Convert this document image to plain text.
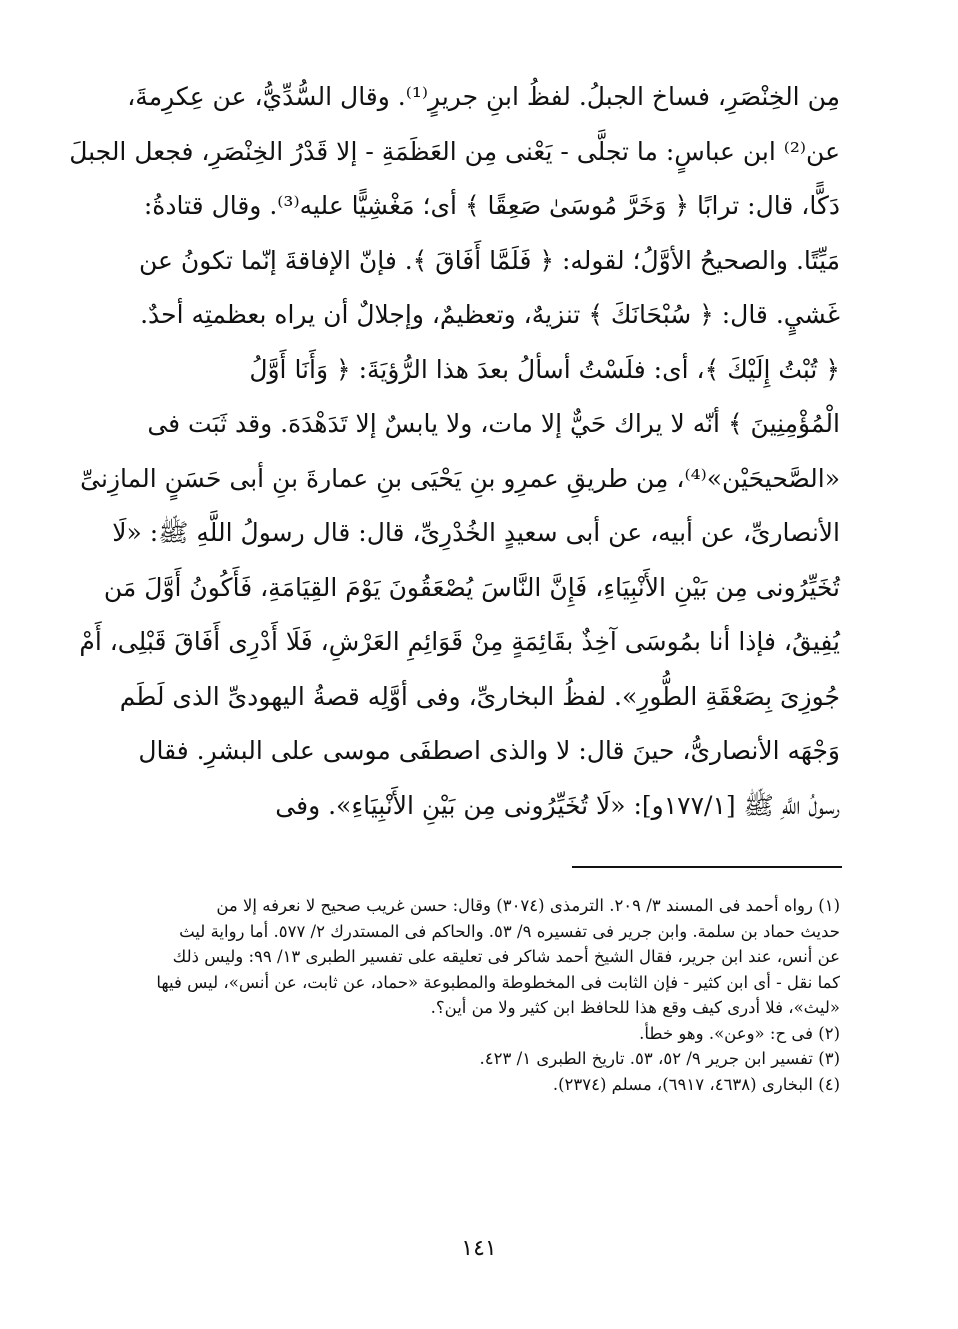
مِن الخِنْصَرِ، فساخ الجبلُ. لفظُ ابنِ جريرٍ⁽¹⁾. وقال السُّدِّيُّ، عن عِكرِمةَ،
عن⁽²⁾ ابن عباسٍ: ما تجلَّى - يَعْنى مِن العَظَمَةِ - إلا قَدْرُ الخِنْصَرِ، فجعل الجبلَ
دَكًّا، قال: ترابًا ﴿ وَخَرَّ مُوسَىٰ صَعِقًا ﴾ أى؛ مَغْشِيًّا عليه⁽³⁾. وقال قتادةُ:
مَيِّتًا. والصحيحُ الأوَّلُ؛ لقوله: ﴿ فَلَمَّا أَفَاقَ ﴾. فإنّ الإفاقةَ إنّما تكونُ عن
غَشيٍ. قال: ﴿ سُبْحَانَكَ ﴾ تنزيهٌ، وتعظيمٌ، وإجلالٌ أن يراه بعظمتِه أحدٌ.
﴿ تُبْتُ إِلَيْكَ ﴾، أى: فلَسْتُ أسألُ بعدَ هذا الرُّؤيَةَ: ﴿ وَأَنَا أَوَّلُ
الْمُؤْمِنِينَ ﴾ أنّه لا يراك حَيٌّ إلا مات، ولا يابسٌ إلا تَدَهْدَهَ. وقد ثَبَت فى
«الصَّحيحَيْن»⁽⁴⁾، مِن طريقِ عمرِو بنِ يَحْيَى بنِ عمارةَ بنِ أبى حَسَنٍ المازِنىِّ
الأنصارىِّ، عن أبيه، عن أبى سعيدٍ الخُدْرِىِّ، قال: قال رسولُ اللَّهِ ﷺ: «لَا
تُخَيِّرُونى مِن بَيْنِ الأَنْبِيَاءِ، فَإِنَّ النَّاسَ يُصْعَقُونَ يَوْمَ القِيَامَةِ، فَأَكُونُ أَوَّلَ مَن
يُفِيقُ، فإذا أنا بمُوسَى آخِذٌ بقَائِمَةٍ مِنْ قَوَائِمِ العَرْشِ، فَلَا أَدْرِى أَفَاقَ قَبْلِى، أَمْ
جُوزِىَ بِصَعْقَةِ الطُّورِ». لفظُ البخارىِّ، وفى أوَّلِه قصةُ اليهودىِّ الذى لَطَم
وَجْهَه الأنصارىُّ، حينَ قال: لا والذى اصطفَى موسى على البشرِ. فقال
رسولُ اللَّهِ ﷺ [١٧٧/١و]: «لَا تُخَيِّرُونى مِن بَيْنِ الأَنْبِيَاءِ». وفى
(١) رواه أحمد فى المسند ٣/ ٢٠٩. الترمذى (٣٠٧٤) وقال: حسن غريب صحيح لا نعرفه إلا من
حديث حماد بن سلمة. وابن جرير فى تفسيره ٩/ ٥٣. والحاكم فى المستدرك ٢/ ٥٧٧. أما رواية ليث
عن أنس، عند ابن جرير، فقال الشيخ أحمد شاكر فى تعليقه على تفسير الطبرى ١٣/ ٩٩: وليس ذلك
كما نقل - أى ابن كثير - فإن الثابت فى المخطوطة والمطبوعة «حماد، عن ثابت، عن أنس»، ليس فيها
«ليث»، فلا أدرى كيف وقع هذا للحافظ ابن كثير ولا من أين؟.
(٢) فى ح: «وعن». وهو خطأ.
(٣) تفسير ابن جرير ٩/ ٥٢، ٥٣. تاريخ الطبرى ١/ ٤٢٣.
(٤) البخارى (٤٦٣٨، ٦٩١٧)، مسلم (٢٣٧٤).
١٤١
